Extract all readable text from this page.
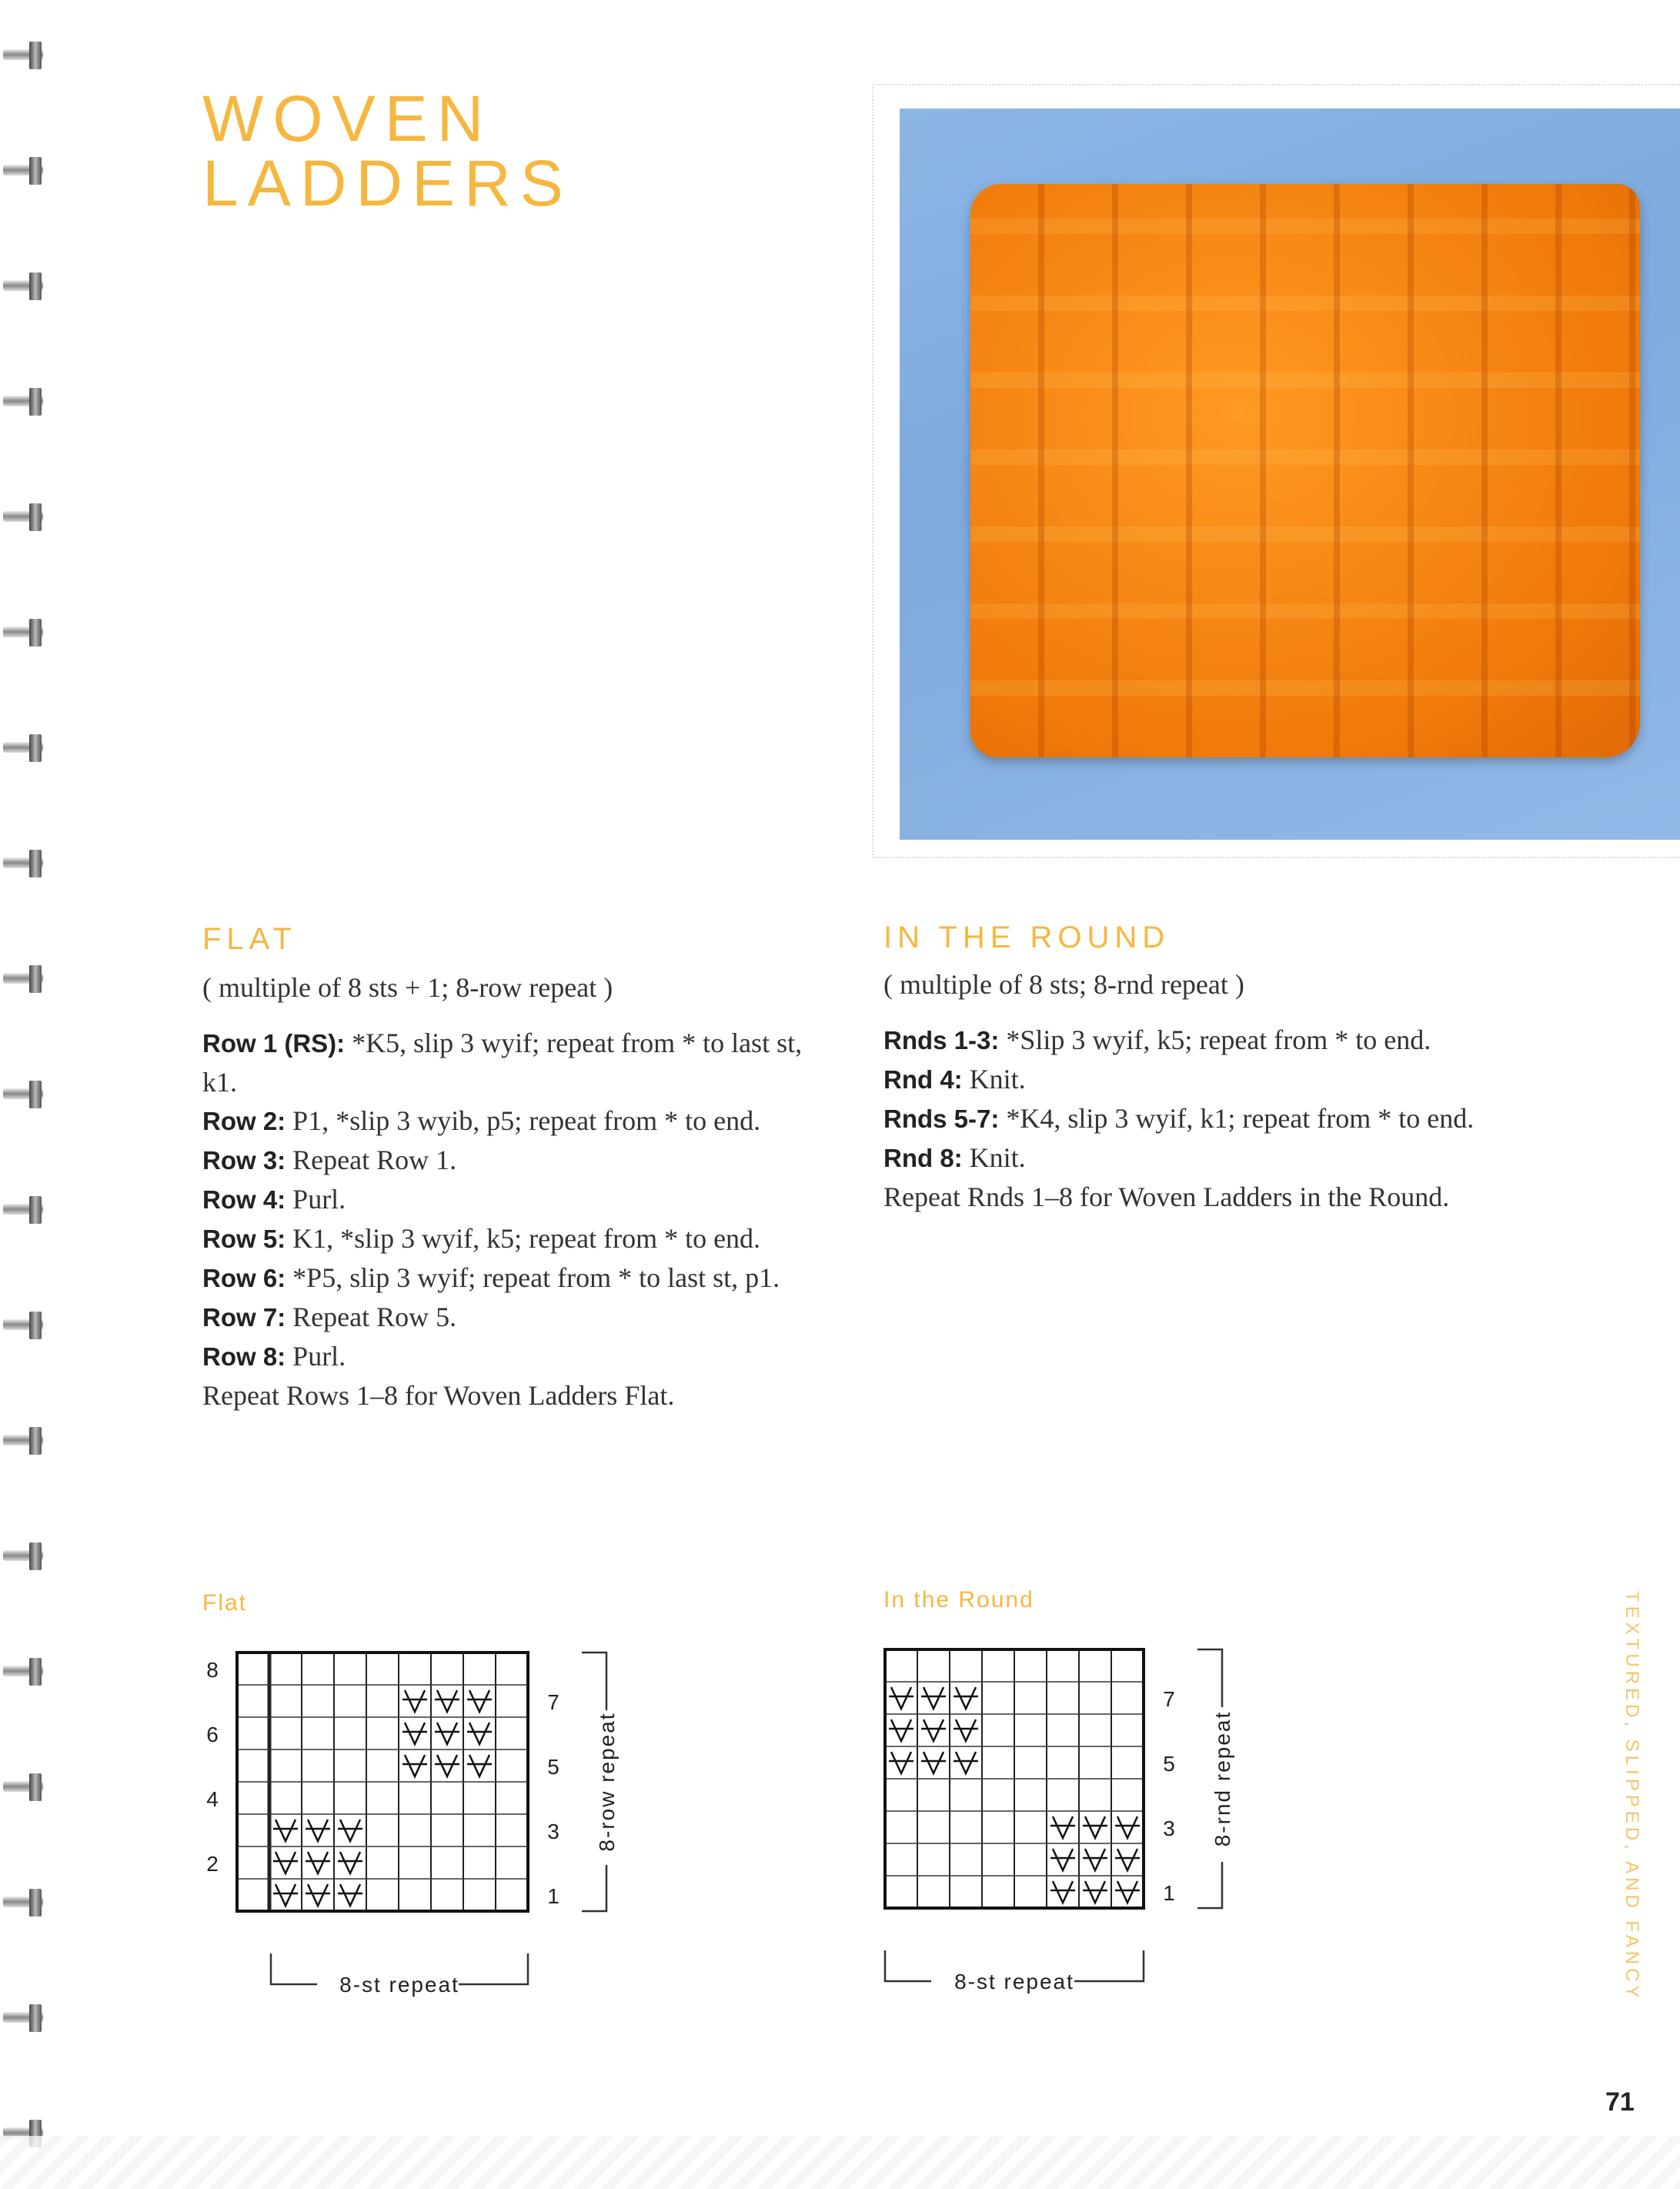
WOVEN
LADDERS
FLAT
( multiple of 8 sts + 1; 8-row repeat )

Row 1 (RS): *K5, slip 3 wyif; repeat from * to last st, k1.

Row 2: P1, *slip 3 wyib, p5; repeat from * to end.

Row 3: Repeat Row 1.

Row 4: Purl.

Row 5: K1, *slip 3 wyif, k5; repeat from * to end.

Row 6: *P5, slip 3 wyif; repeat from * to last st, p1.

Row 7: Repeat Row 5.

Row 8: Purl.

Repeat Rows 1–8 for Woven Ladders Flat.

IN THE ROUND
( multiple of 8 sts; 8-rnd repeat )

Rnds 1-3: *Slip 3 wyif, k5; repeat from * to end.

Rnd 4: Knit.

Rnds 5-7: *K4, slip 3 wyif, k1; repeat from * to end.

Rnd 8: Knit.

Repeat Rnds 1–8 for Woven Ladders in the Round.

Flat	In the Round
8
6
4
2
7
5
3
1
8-row repeat
8-st repeat
7
5
3
1
8-rnd repeat
8-st repeat	TEXTURED, SLIPPED, AND FANCY
71
